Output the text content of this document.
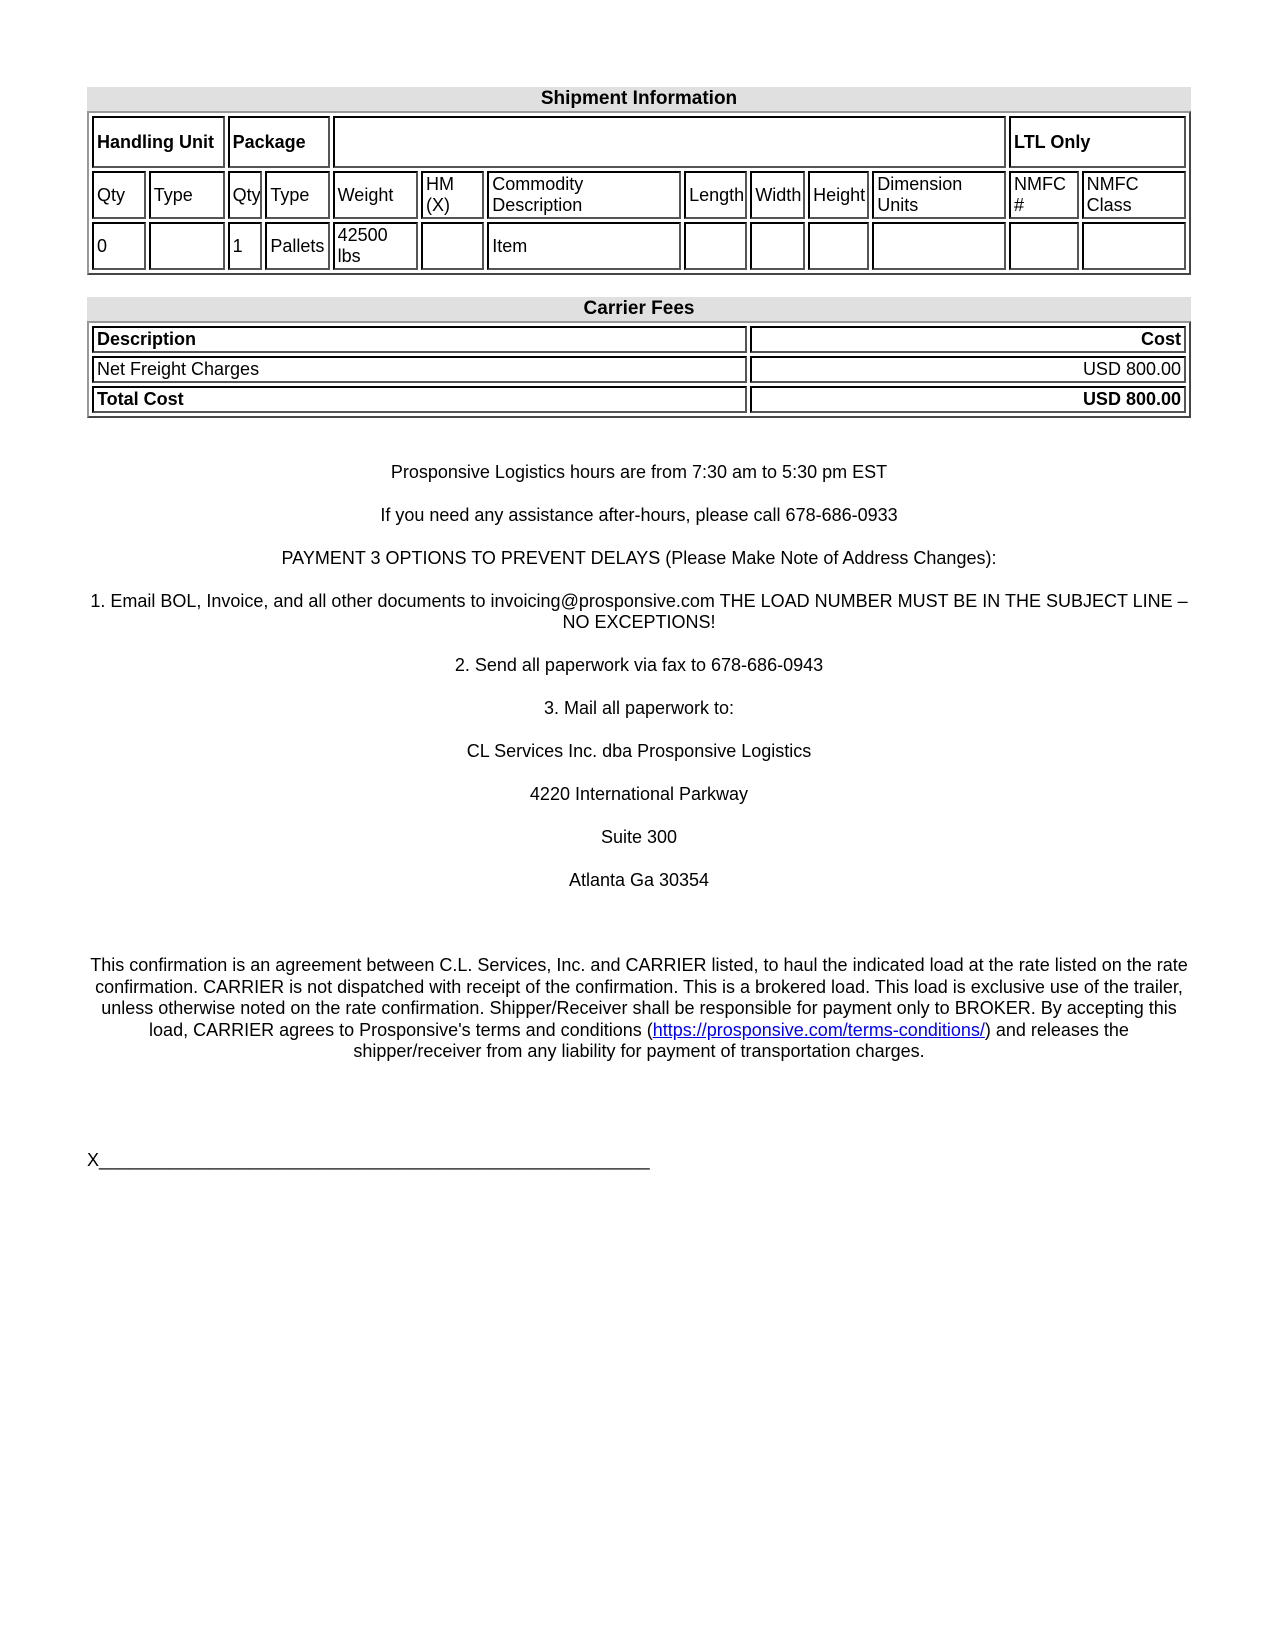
Shipment Information
Handling Unit		Package									LTL Only	
Qty	Type	Qty	Type	Weight	HM (X)	Commodity Description	Length	Width	Height	Dimension Units	NMFC #	NMFC Class
0		1	Pallets	42500 lbs		Item						
Carrier Fees
Description	Cost
Net Freight Charges	USD 800.00
Total Cost	USD 800.00

Prosponsive Logistics hours are from 7:30 am to 5:30 pm EST

If you need any assistance after-hours, please call 678-686-0933

PAYMENT 3 OPTIONS TO PREVENT DELAYS (Please Make Note of Address Changes):

1. Email BOL, Invoice, and all other documents to invoicing@prosponsive.com THE LOAD NUMBER MUST BE IN THE SUBJECT LINE – NO EXCEPTIONS!

2. Send all paperwork via fax to 678-686-0943

3. Mail all paperwork to:

CL Services Inc. dba Prosponsive Logistics

4220 International Parkway

Suite 300

Atlanta Ga 30354

This confirmation is an agreement between C.L. Services, Inc. and CARRIER listed, to haul the indicated load at the rate listed on the rate confirmation. CARRIER is not dispatched with receipt of the confirmation. This is a brokered load. This load is exclusive use of the trailer, unless otherwise noted on the rate confirmation. Shipper/Receiver shall be responsible for payment only to BROKER. By accepting this load, CARRIER agrees to Prosponsive's terms and conditions (https://prosponsive.com/terms-conditions/) and releases the shipper/receiver from any liability for payment of transportation charges.
X_______________________________________________________
